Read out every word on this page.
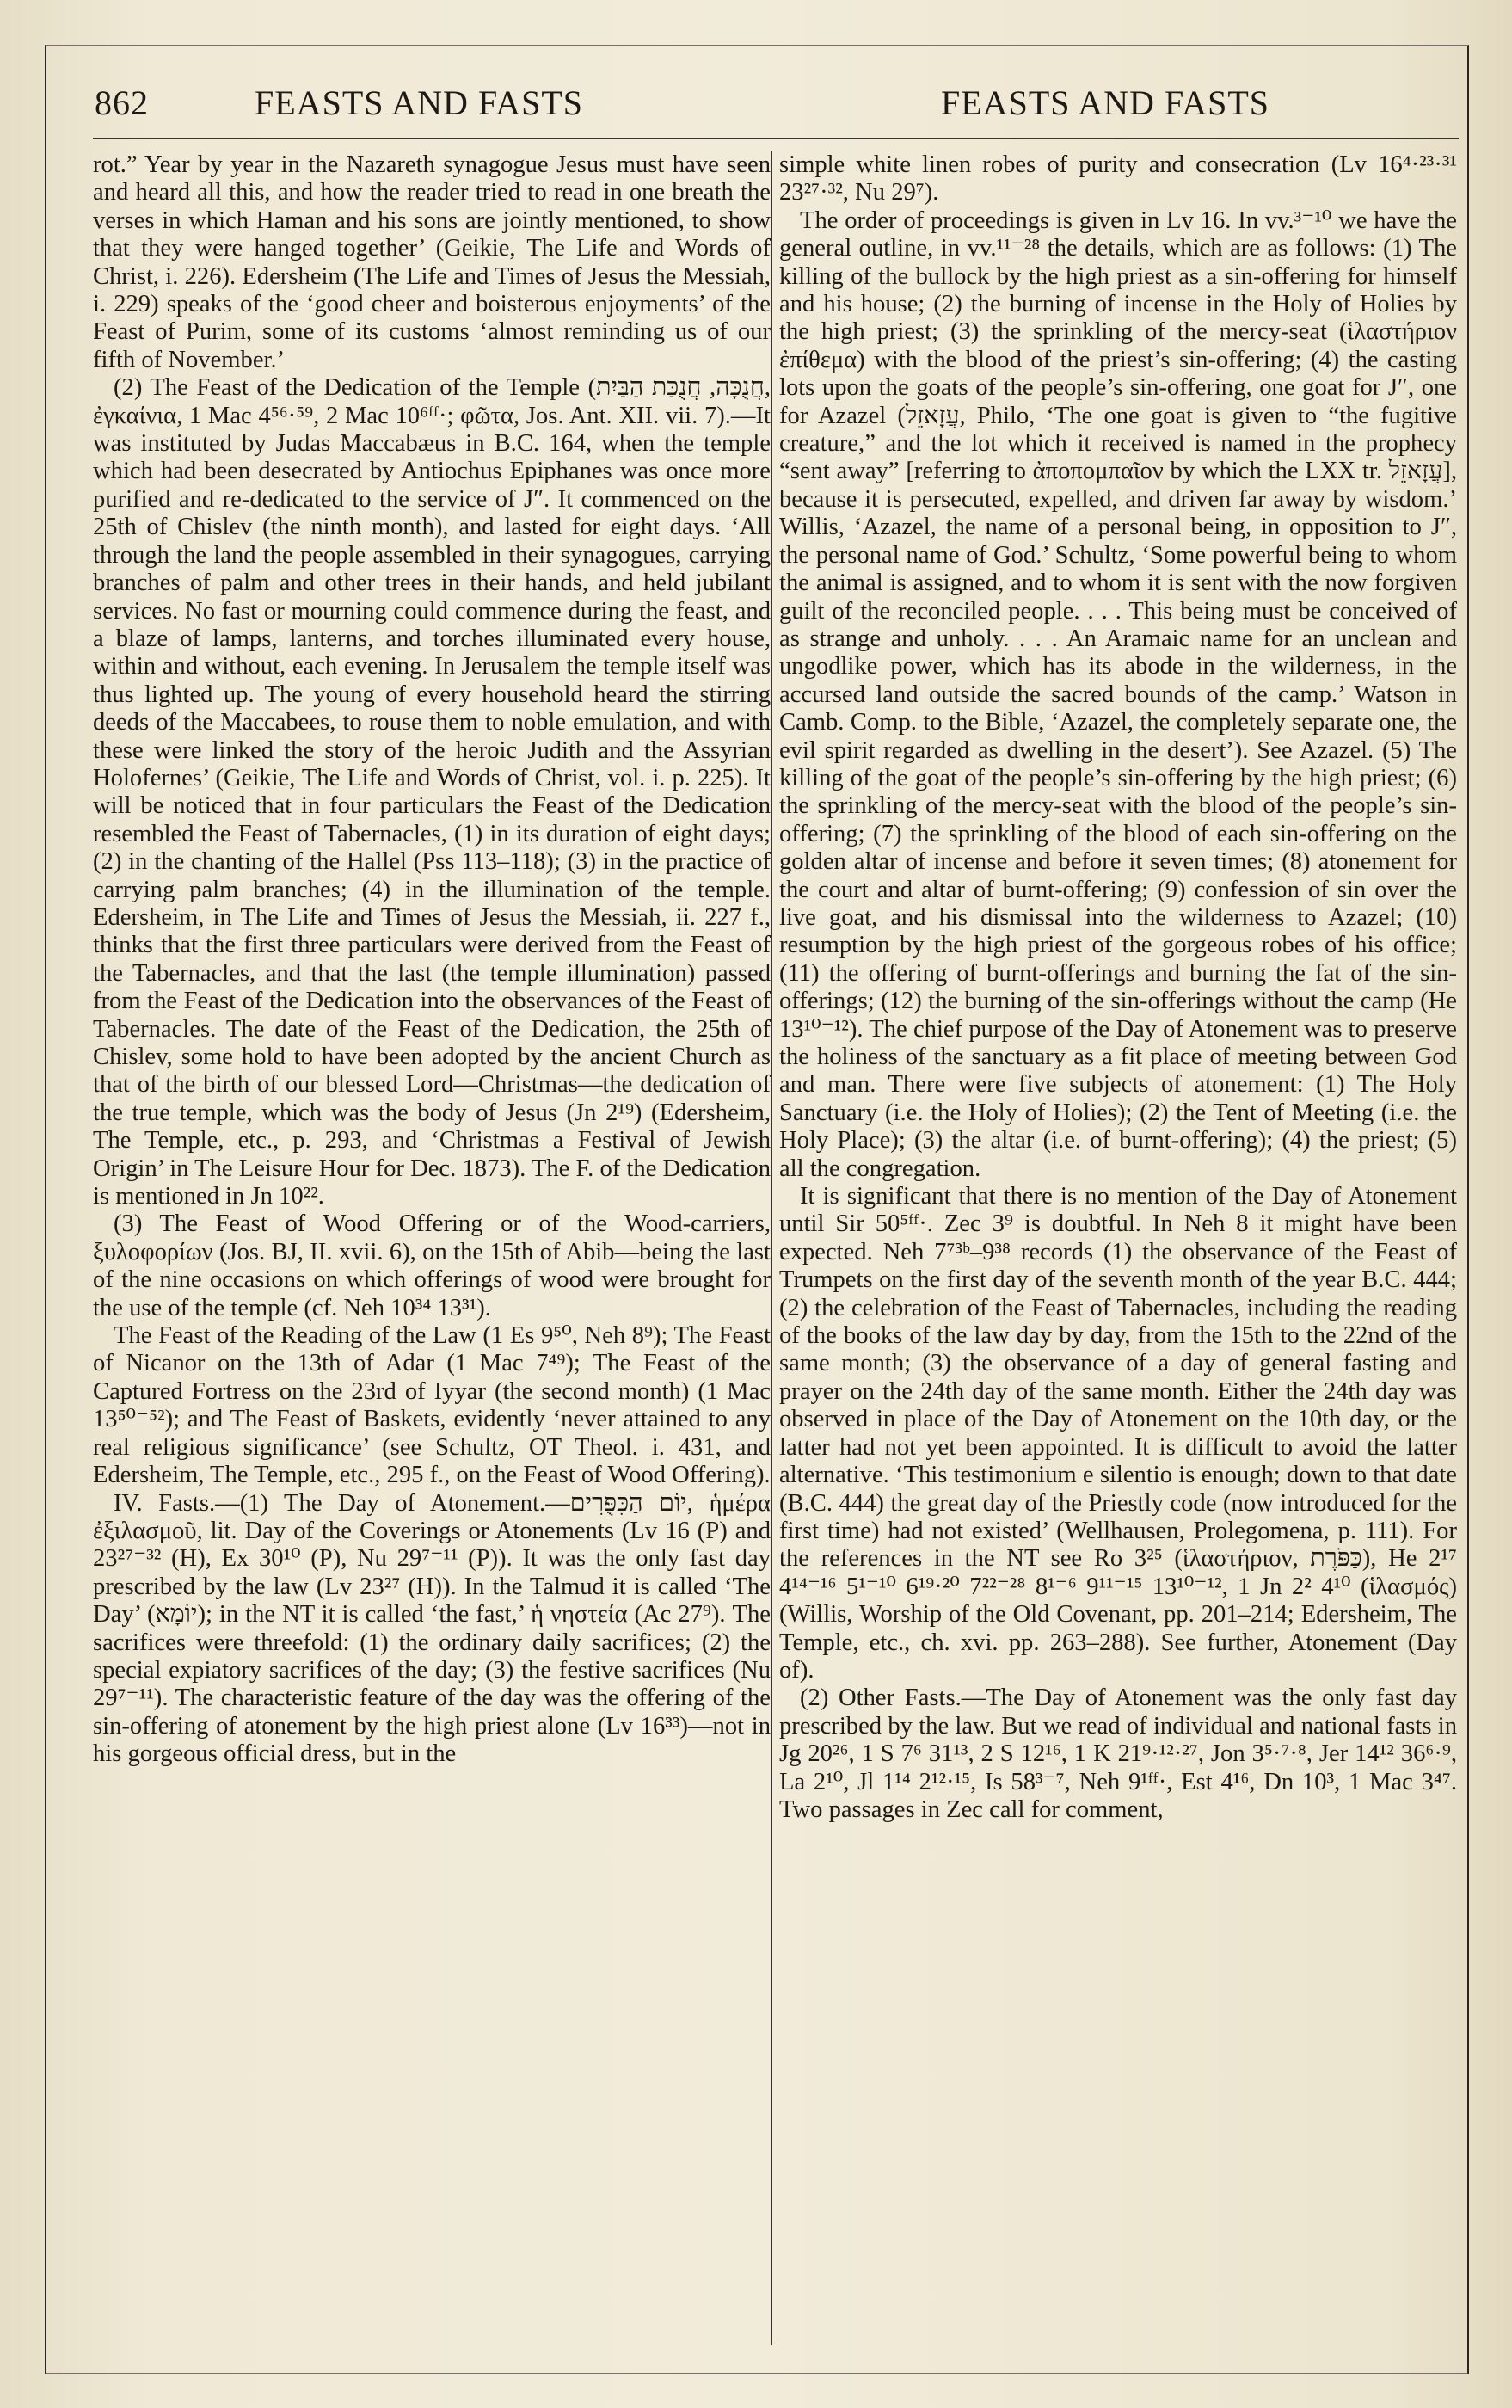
862	FEASTS AND FASTS	FEASTS AND FASTS

rot.” Year by year in the Nazareth synagogue Jesus must have seen and heard all this, and how the reader tried to read in one breath the verses in which Haman and his sons are jointly mentioned, to show that they were hanged together’ (Geikie, The Life and Words of Christ, i. 226). Edersheim (The Life and Times of Jesus the Messiah, i. 229) speaks of the ‘good cheer and boisterous enjoyments’ of the Feast of Purim, some of its customs ‘almost reminding us of our fifth of November.’

(2) The Feast of the Dedication of the Temple (חֲנֻכָּה, חֲנֻכַּת הַבַּיִת, ἐγκαίνια, 1 Mac 4⁵⁶·⁵⁹, 2 Mac 10⁶ᶠᶠ·; φῶτα, Jos. Ant. XII. vii. 7).—It was instituted by Judas Maccabæus in B.C. 164, when the temple which had been desecrated by Antiochus Epiphanes was once more purified and re-dedicated to the service of J″. It commenced on the 25th of Chislev (the ninth month), and lasted for eight days. ‘All through the land the people assembled in their synagogues, carrying branches of palm and other trees in their hands, and held jubilant services. No fast or mourning could commence during the feast, and a blaze of lamps, lanterns, and torches illuminated every house, within and without, each evening. In Jerusalem the temple itself was thus lighted up. The young of every household heard the stirring deeds of the Maccabees, to rouse them to noble emulation, and with these were linked the story of the heroic Judith and the Assyrian Holofernes’ (Geikie, The Life and Words of Christ, vol. i. p. 225). It will be noticed that in four particulars the Feast of the Dedication resembled the Feast of Tabernacles, (1) in its duration of eight days; (2) in the chanting of the Hallel (Pss 113–118); (3) in the practice of carrying palm branches; (4) in the illumination of the temple. Edersheim, in The Life and Times of Jesus the Messiah, ii. 227 f., thinks that the first three particulars were derived from the Feast of the Tabernacles, and that the last (the temple illumination) passed from the Feast of the Dedication into the observances of the Feast of Tabernacles. The date of the Feast of the Dedication, the 25th of Chislev, some hold to have been adopted by the ancient Church as that of the birth of our blessed Lord—Christmas—the dedication of the true temple, which was the body of Jesus (Jn 2¹⁹) (Edersheim, The Temple, etc., p. 293, and ‘Christmas a Festival of Jewish Origin’ in The Leisure Hour for Dec. 1873). The F. of the Dedication is mentioned in Jn 10²².

(3) The Feast of Wood Offering or of the Wood-carriers, ξυλοφορίων (Jos. BJ, II. xvii. 6), on the 15th of Abib—being the last of the nine occasions on which offerings of wood were brought for the use of the temple (cf. Neh 10³⁴ 13³¹).

The Feast of the Reading of the Law (1 Es 9⁵⁰, Neh 8⁹); The Feast of Nicanor on the 13th of Adar (1 Mac 7⁴⁹); The Feast of the Captured Fortress on the 23rd of Iyyar (the second month) (1 Mac 13⁵⁰⁻⁵²); and The Feast of Baskets, evidently ‘never attained to any real religious significance’ (see Schultz, OT Theol. i. 431, and Edersheim, The Temple, etc., 295 f., on the Feast of Wood Offering).

IV. Fasts.—(1) The Day of Atonement.—יוֹם הַכִּפֻּרִים, ἡμέρα ἐξιλασμοῦ, lit. Day of the Coverings or Atonements (Lv 16 (P) and 23²⁷⁻³² (H), Ex 30¹⁰ (P), Nu 29⁷⁻¹¹ (P)). It was the only fast day prescribed by the law (Lv 23²⁷ (H)). In the Talmud it is called ‘The Day’ (יוֹמָא); in the NT it is called ‘the fast,’ ἡ νηστεία (Ac 27⁹). The sacrifices were threefold: (1) the ordinary daily sacrifices; (2) the special expiatory sacrifices of the day; (3) the festive sacrifices (Nu 29⁷⁻¹¹). The characteristic feature of the day was the offering of the sin-offering of atonement by the high priest alone (Lv 16³³)—not in his gorgeous official dress, but in the

simple white linen robes of purity and consecration (Lv 16⁴·²³·³¹ 23²⁷·³², Nu 29⁷).

The order of proceedings is given in Lv 16. In vv.³⁻¹⁰ we have the general outline, in vv.¹¹⁻²⁸ the details, which are as follows: (1) The killing of the bullock by the high priest as a sin-offering for himself and his house; (2) the burning of incense in the Holy of Holies by the high priest; (3) the sprinkling of the mercy-seat (ἱλαστήριον ἐπίθεμα) with the blood of the priest’s sin-offering; (4) the casting lots upon the goats of the people’s sin-offering, one goat for J″, one for Azazel (עֲזָאזֵל, Philo, ‘The one goat is given to “the fugitive creature,” and the lot which it received is named in the prophecy “sent away” [referring to ἀποπομπαῖον by which the LXX tr. עֲזָאזֵל], because it is persecuted, expelled, and driven far away by wisdom.’ Willis, ‘Azazel, the name of a personal being, in opposition to J″, the personal name of God.’ Schultz, ‘Some powerful being to whom the animal is assigned, and to whom it is sent with the now forgiven guilt of the reconciled people. . . . This being must be conceived of as strange and unholy. . . . An Aramaic name for an unclean and ungodlike power, which has its abode in the wilderness, in the accursed land outside the sacred bounds of the camp.’ Watson in Camb. Comp. to the Bible, ‘Azazel, the completely separate one, the evil spirit regarded as dwelling in the desert’). See Azazel. (5) The killing of the goat of the people’s sin-offering by the high priest; (6) the sprinkling of the mercy-seat with the blood of the people’s sin-offering; (7) the sprinkling of the blood of each sin-offering on the golden altar of incense and before it seven times; (8) atonement for the court and altar of burnt-offering; (9) confession of sin over the live goat, and his dismissal into the wilderness to Azazel; (10) resumption by the high priest of the gorgeous robes of his office; (11) the offering of burnt-offerings and burning the fat of the sin-offerings; (12) the burning of the sin-offerings without the camp (He 13¹⁰⁻¹²). The chief purpose of the Day of Atonement was to preserve the holiness of the sanctuary as a fit place of meeting between God and man. There were five subjects of atonement: (1) The Holy Sanctuary (i.e. the Holy of Holies); (2) the Tent of Meeting (i.e. the Holy Place); (3) the altar (i.e. of burnt-offering); (4) the priest; (5) all the congregation.

It is significant that there is no mention of the Day of Atonement until Sir 50⁵ᶠᶠ·. Zec 3⁹ is doubtful. In Neh 8 it might have been expected. Neh 7⁷³ᵇ–9³⁸ records (1) the observance of the Feast of Trumpets on the first day of the seventh month of the year B.C. 444; (2) the celebration of the Feast of Tabernacles, including the reading of the books of the law day by day, from the 15th to the 22nd of the same month; (3) the observance of a day of general fasting and prayer on the 24th day of the same month. Either the 24th day was observed in place of the Day of Atonement on the 10th day, or the latter had not yet been appointed. It is difficult to avoid the latter alternative. ‘This testimonium e silentio is enough; down to that date (B.C. 444) the great day of the Priestly code (now introduced for the first time) had not existed’ (Wellhausen, Prolegomena, p. 111). For the references in the NT see Ro 3²⁵ (ἱλαστήριον, כַּפֹּרֶת), He 2¹⁷ 4¹⁴⁻¹⁶ 5¹⁻¹⁰ 6¹⁹·²⁰ 7²²⁻²⁸ 8¹⁻⁶ 9¹¹⁻¹⁵ 13¹⁰⁻¹², 1 Jn 2² 4¹⁰ (ἱλασμός) (Willis, Worship of the Old Covenant, pp. 201–214; Edersheim, The Temple, etc., ch. xvi. pp. 263–288). See further, Atonement (Day of).

(2) Other Fasts.—The Day of Atonement was the only fast day prescribed by the law. But we read of individual and national fasts in Jg 20²⁶, 1 S 7⁶ 31¹³, 2 S 12¹⁶, 1 K 21⁹·¹²·²⁷, Jon 3⁵·⁷·⁸, Jer 14¹² 36⁶·⁹, La 2¹⁰, Jl 1¹⁴ 2¹²·¹⁵, Is 58³⁻⁷, Neh 9¹ᶠᶠ·, Est 4¹⁶, Dn 10³, 1 Mac 3⁴⁷. Two passages in Zec call for comment,
